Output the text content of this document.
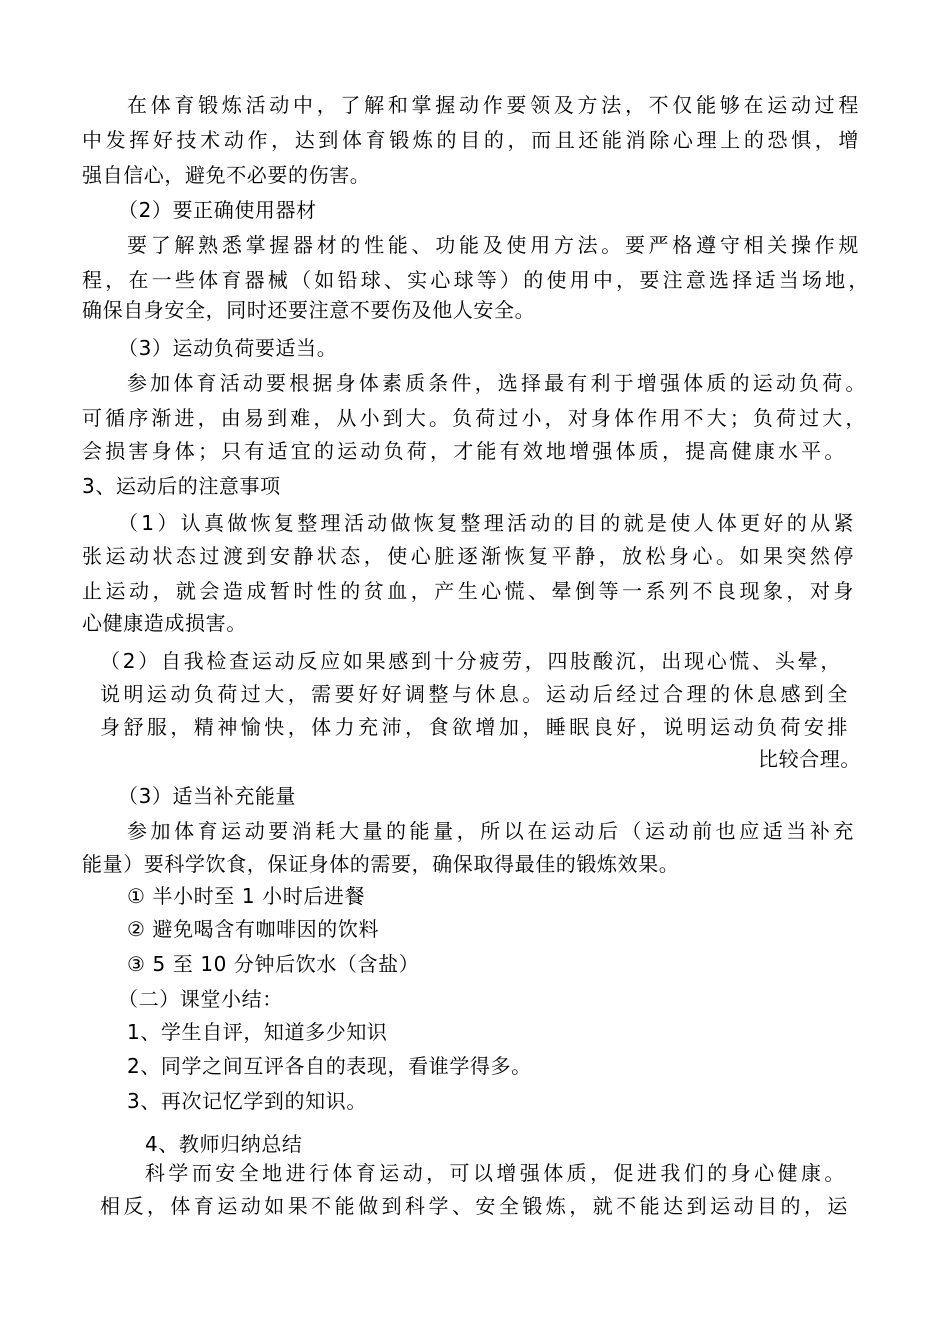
在体育锻炼活动中，了解和掌握动作要领及方法，不仅能够在运动过程
中发挥好技术动作，达到体育锻炼的目的，而且还能消除心理上的恐惧，增
强自信心，避免不必要的伤害。
（2）要正确使用器材
要了解熟悉掌握器材的性能、功能及使用方法。要严格遵守相关操作规
程，在一些体育器械（如铅球、实心球等）的使用中，要注意选择适当场地，
确保自身安全，同时还要注意不要伤及他人安全。
（3）运动负荷要适当。
参加体育活动要根据身体素质条件，选择最有利于增强体质的运动负荷。
可循序渐进，由易到难，从小到大。负荷过小，对身体作用不大；负荷过大，
会损害身体；只有适宜的运动负荷，才能有效地增强体质，提高健康水平。
3、运动后的注意事项
（1）认真做恢复整理活动做恢复整理活动的目的就是使人体更好的从紧
张运动状态过渡到安静状态，使心脏逐渐恢复平静，放松身心。如果突然停
止运动，就会造成暂时性的贫血，产生心慌、晕倒等一系列不良现象，对身
心健康造成损害。
（2）自我检查运动反应如果感到十分疲劳，四肢酸沉，出现心慌、头晕，
说明运动负荷过大，需要好好调整与休息。运动后经过合理的休息感到全
身舒服，精神愉快，体力充沛，食欲增加，睡眠良好，说明运动负荷安排
比较合理。
（3）适当补充能量
参加体育运动要消耗大量的能量，所以在运动后（运动前也应适当补充
能量）要科学饮食，保证身体的需要，确保取得最佳的锻炼效果。
① 半小时至 1 小时后进餐
② 避免喝含有咖啡因的饮料
③ 5 至 10 分钟后饮水（含盐）
（二）课堂小结：
1、学生自评，知道多少知识
2、同学之间互评各自的表现，看谁学得多。
3、再次记忆学到的知识。
4、教师归纳总结
科学而安全地进行体育运动，可以增强体质，促进我们的身心健康。
相反，体育运动如果不能做到科学、安全锻炼，就不能达到运动目的，运
